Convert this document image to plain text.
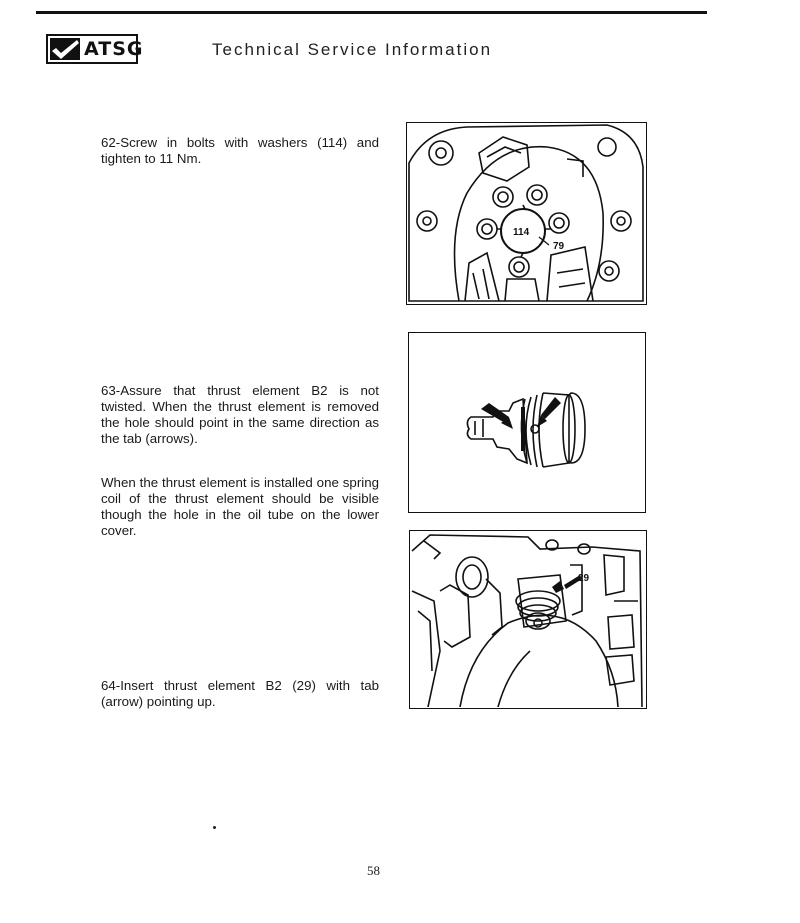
ATSG	Technical Service Information

62-Screw in bolts with washers (114) and tighten to 11 Nm.

63-Assure that thrust element B2 is not twisted. When the thrust element is removed the hole should point in the same direction as the tab (arrows).

When the thrust element is installed one spring coil of the thrust element should be visible though the hole in the oil tube on the lower cover.

64-Insert thrust element B2 (29) with tab (arrow) pointing up.

114
79
29
58
